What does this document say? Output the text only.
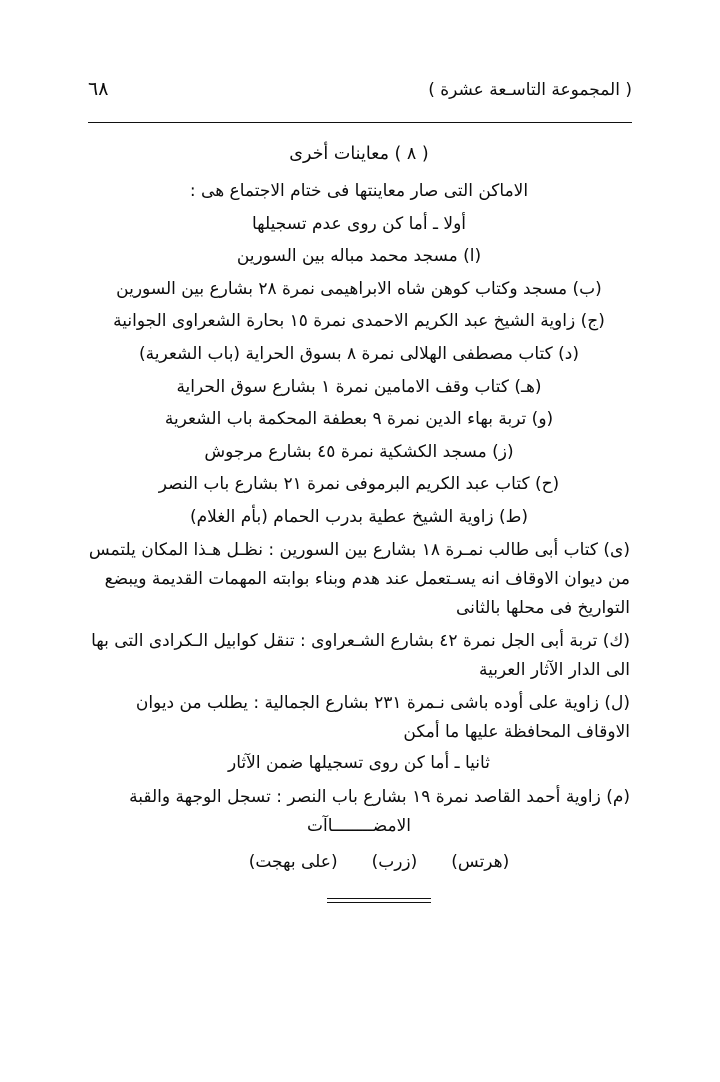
٦٨	( المجموعة التاسـعة عشرة )

( ٨ ) معاينات أخرى

الاماكن التى صار معاينتها فى ختام الاجتماع هى :

أولا ـ أما كن روى عدم تسجيلها

(ا) مسجد محمد مباله بين السورين

(ب) مسجد وكتاب كوهن شاه الابراهيمى نمرة ٢٨ بشارع بين السورين

(ج) زاوية الشيخ عبد الكريم الاحمدى نمرة ١٥ بحارة الشعراوى الجوانية

(د) كتاب مصطفى الهلالى نمرة ٨ بسوق الحراية (باب الشعرية)

(هـ) كتاب وقف الامامين نمرة ١ بشارع سوق الحراية

(و) تربة بهاء الدين نمرة ٩ بعطفة المحكمة باب الشعرية

(ز) مسجد الكشكية نمرة ٤٥ بشارع مرجوش

(ح) كتاب عبد الكريم البرموفى نمرة ٢١ بشارع باب النصر

(ط) زاوية الشيخ عطية بدرب الحمام (بأم الغلام)

(ى) كتاب أبى طالب نمـرة ١٨ بشارع بين السورين : نظـل هـذا المكان يلتمس من ديوان الاوقاف انه يسـتعمل عند هدم وبناء بوابته المهمات القديمة ويبضع التواريخ فى محلها بالثانى

(ك) تربة أبى الجل نمرة ٤٢ بشارع الشـعراوى : تنقل كوابيل الـكرادى التى بها الى الدار الآثار العربية

(ل) زاوية على أوده باشى نـمرة ٢٣١ بشارع الجمالية : يطلب من ديوان الاوقاف المحافظة عليها ما أمكن

ثانيا ـ أما كن روى تسجيلها ضمن الآثار

(م) زاوية أحمد القاصد نمرة ١٩ بشارع باب النصر : تسجل الوجهة والقبة

الامضــــــــاآت
(على بهجت) (زرب) (هرتس)
